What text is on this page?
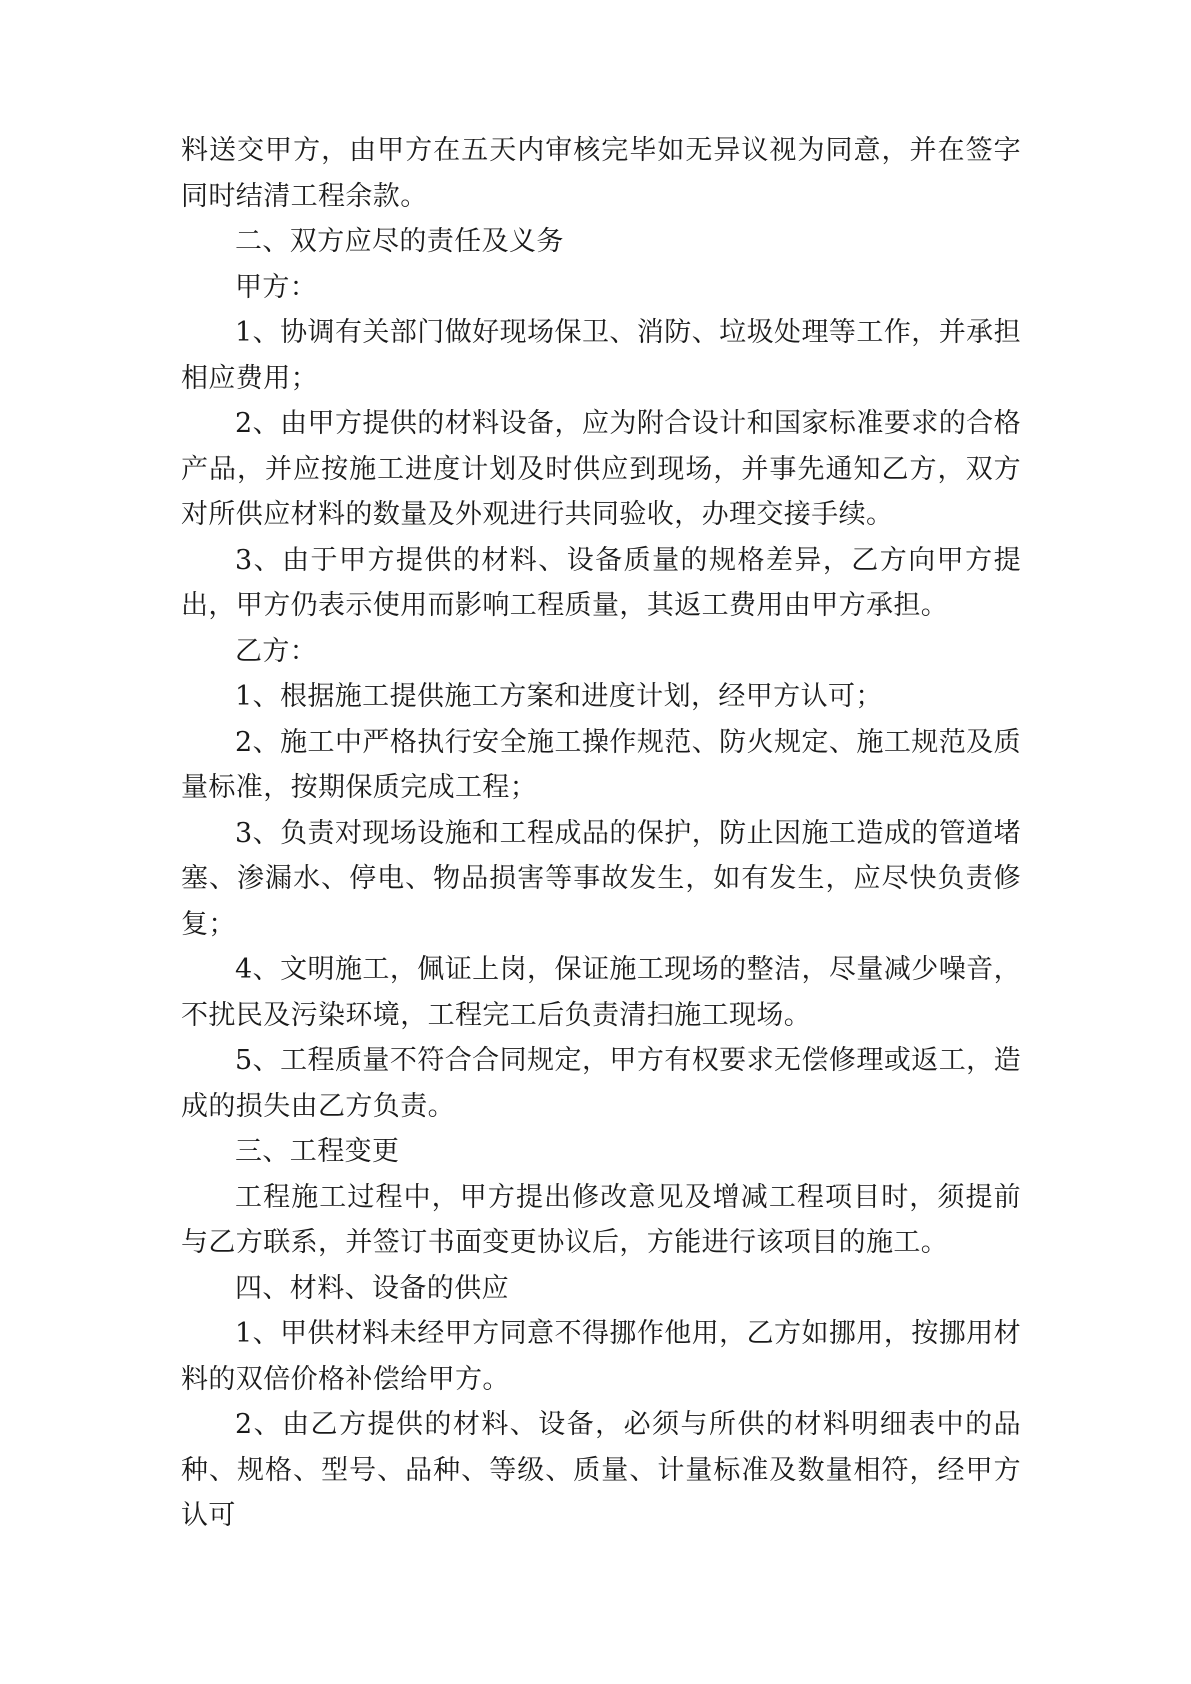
料送交甲方，由甲方在五天内审核完毕如无异议视为同意，并在签字同时结清工程余款。

二、双方应尽的责任及义务

甲方：

1、协调有关部门做好现场保卫、消防、垃圾处理等工作，并承担相应费用；

2、由甲方提供的材料设备，应为附合设计和国家标准要求的合格产品，并应按施工进度计划及时供应到现场，并事先通知乙方，双方对所供应材料的数量及外观进行共同验收，办理交接手续。

3、由于甲方提供的材料、设备质量的规格差异，乙方向甲方提出，甲方仍表示使用而影响工程质量，其返工费用由甲方承担。

乙方：

1、根据施工提供施工方案和进度计划，经甲方认可；

2、施工中严格执行安全施工操作规范、防火规定、施工规范及质量标准，按期保质完成工程；

3、负责对现场设施和工程成品的保护，防止因施工造成的管道堵塞、渗漏水、停电、物品损害等事故发生，如有发生，应尽快负责修复；

4、文明施工，佩证上岗，保证施工现场的整洁，尽量减少噪音，不扰民及污染环境，工程完工后负责清扫施工现场。

5、工程质量不符合合同规定，甲方有权要求无偿修理或返工，造成的损失由乙方负责。

三、工程变更

工程施工过程中，甲方提出修改意见及增减工程项目时，须提前与乙方联系，并签订书面变更协议后，方能进行该项目的施工。

四、材料、设备的供应

1、甲供材料未经甲方同意不得挪作他用，乙方如挪用，按挪用材料的双倍价格补偿给甲方。

2、由乙方提供的材料、设备，必须与所供的材料明细表中的品种、规格、型号、品种、等级、质量、计量标准及数量相符，经甲方认可
